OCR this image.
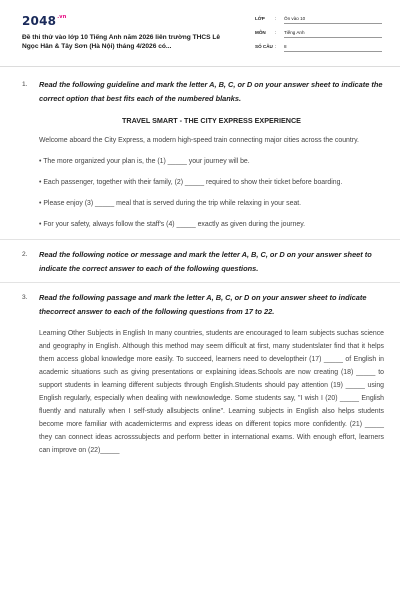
$2048^{.vn}$
Đề thi thử vào lớp 10 Tiếng Anh năm 2026 liên trường THCS Lê Ngọc Hân & Tây Sơn (Hà Nội) tháng 4/2026 có...
LỚP : Ôn vào 10
MÔN : Tiếng Anh
SỐ CÂU : 8
1. Read the following guideline and mark the letter A, B, C, or D on your answer sheet to indicate the correct option that best fits each of the numbered blanks.
TRAVEL SMART - THE CITY EXPRESS EXPERIENCE

Welcome aboard the City Express, a modern high-speed train connecting major cities across the country.

• The more organized your plan is, the (1) _____ your journey will be.

• Each passenger, together with their family, (2) _____ required to show their ticket before boarding.

• Please enjoy (3) _____ meal that is served during the trip while relaxing in your seat.

• For your safety, always follow the staff's (4) _____ exactly as given during the journey.

2. Read the following notice or message and mark the letter A, B, C, or D on your answer sheet to indicate the correct answer to each of the following questions.
3. Read the following passage and mark the letter A, B, C, or D on your answer sheet to indicate thecorrect answer to each of the following questions from 17 to 22.

Learning Other Subjects in English In many countries, students are encouraged to learn subjects suchas science and geography in English. Although this method may seem difficult at first, many studentslater find that it helps them access global knowledge more easily. To succeed, learners need to developtheir (17) _____ of English in academic situations such as giving presentations or explaining ideas.Schools are now creating (18) _____ to support students in learning different subjects through English.Students should pay attention (19) _____ using English regularly, especially when dealing with newknowledge. Some students say, "I wish I (20) _____ English fluently and naturally when I self-study allsubjects online". Learning subjects in English also helps students become more familiar with academicterms and express ideas on different topics more confidently. (21) _____ they can connect ideas acrosssubjects and perform better in international exams. With enough effort, learners can improve on (22)_____
